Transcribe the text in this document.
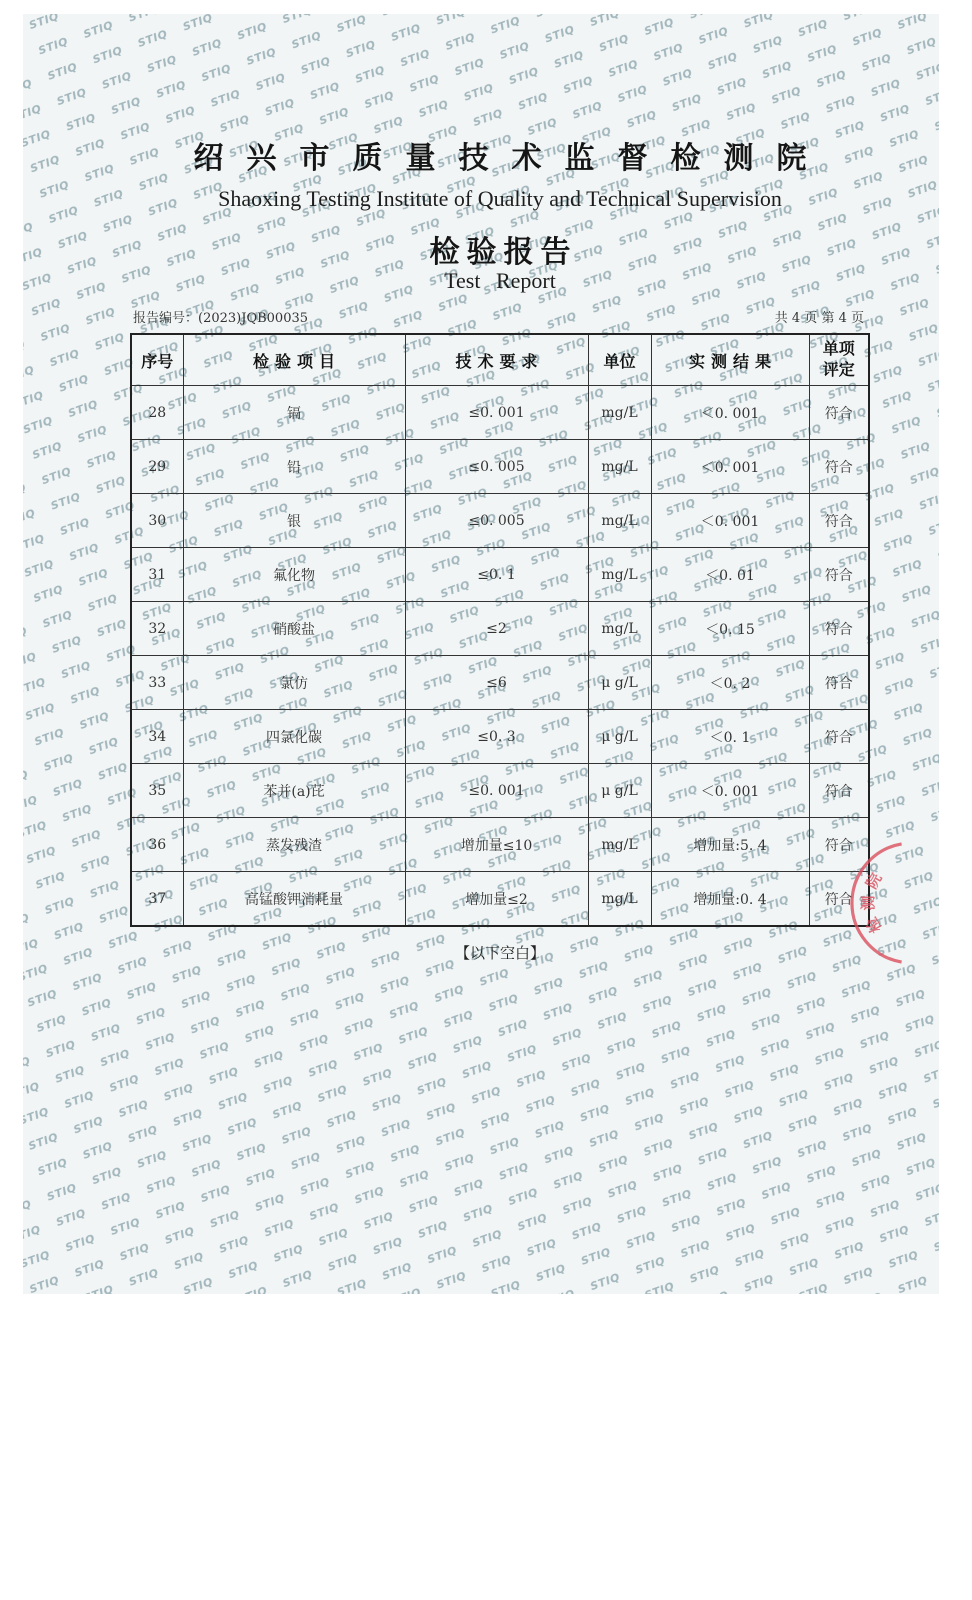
绍兴市质量技术监督检测院
Shaoxing Testing Institute of Quality and Technical Supervision
检验报告
Test Report
报告编号：(2023)JQB00035	共 4 页 第 4 页
序号	检验项目	技术要求	单位	实测结果	单项评定
28	镉	≤0. 001	mg/L	＜0. 001	符合
29	铅	≤0. 005	mg/L	＜0. 001	符合
30	银	≤0. 005	mg/L	＜0. 001	符合
31	氟化物	≤0. 1	mg/L	＜0. 01	符合
32	硝酸盐	≤2	mg/L	＜0. 15	符合
33	氯仿	≤6	μ g/L	＜0. 2	符合
34	四氯化碳	≤0. 3	μ g/L	＜0. 1	符合
35	苯并(a)芘	≤0. 001	μ g/L	＜0. 001	符合
36	蒸发残渣	增加量≤10	mg/L	增加量:5. 4	符合
37	高锰酸钾消耗量	增加量≤2	mg/L	增加量:0. 4	符合
【以下空白】
检
测
院
